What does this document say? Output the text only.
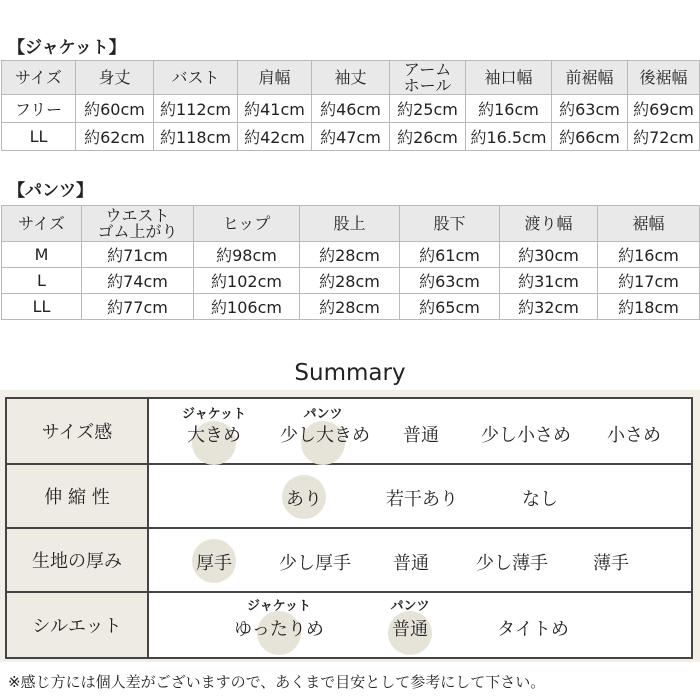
【ジャケット】
サイズ	身丈	バスト	肩幅	袖丈	アーム
ホール	袖口幅	前裾幅	後裾幅
フリー	約60cm	約112cm	約41cm	約46cm	約25cm	約16cm	約63cm	約69cm
LL	約62cm	約118cm	約42cm	約47cm	約26cm	約16.5cm	約66cm	約72cm
【パンツ】
サイズ	ウエスト
ゴム上がり	ヒップ	股上	股下	渡り幅	裾幅
M	約71cm	約98cm	約28cm	約61cm	約30cm	約16cm
L	約74cm	約102cm	約28cm	約63cm	約31cm	約17cm
LL	約77cm	約106cm	約28cm	約65cm	約32cm	約18cm
Summary
サイズ感
ジャケット	パンツ
大きめ 少し大きめ 普通 少し小さめ 小さめ
伸 縮 性	あり	若干あり	なし
生地の厚み	厚手	少し厚手 普通	少し薄手	薄手
シルエット
ジャケット	パンツ
ゆったりめ	普通	タイトめ
※感じ方には個人差がございますので、あくまで目安として参考にして下さい。
